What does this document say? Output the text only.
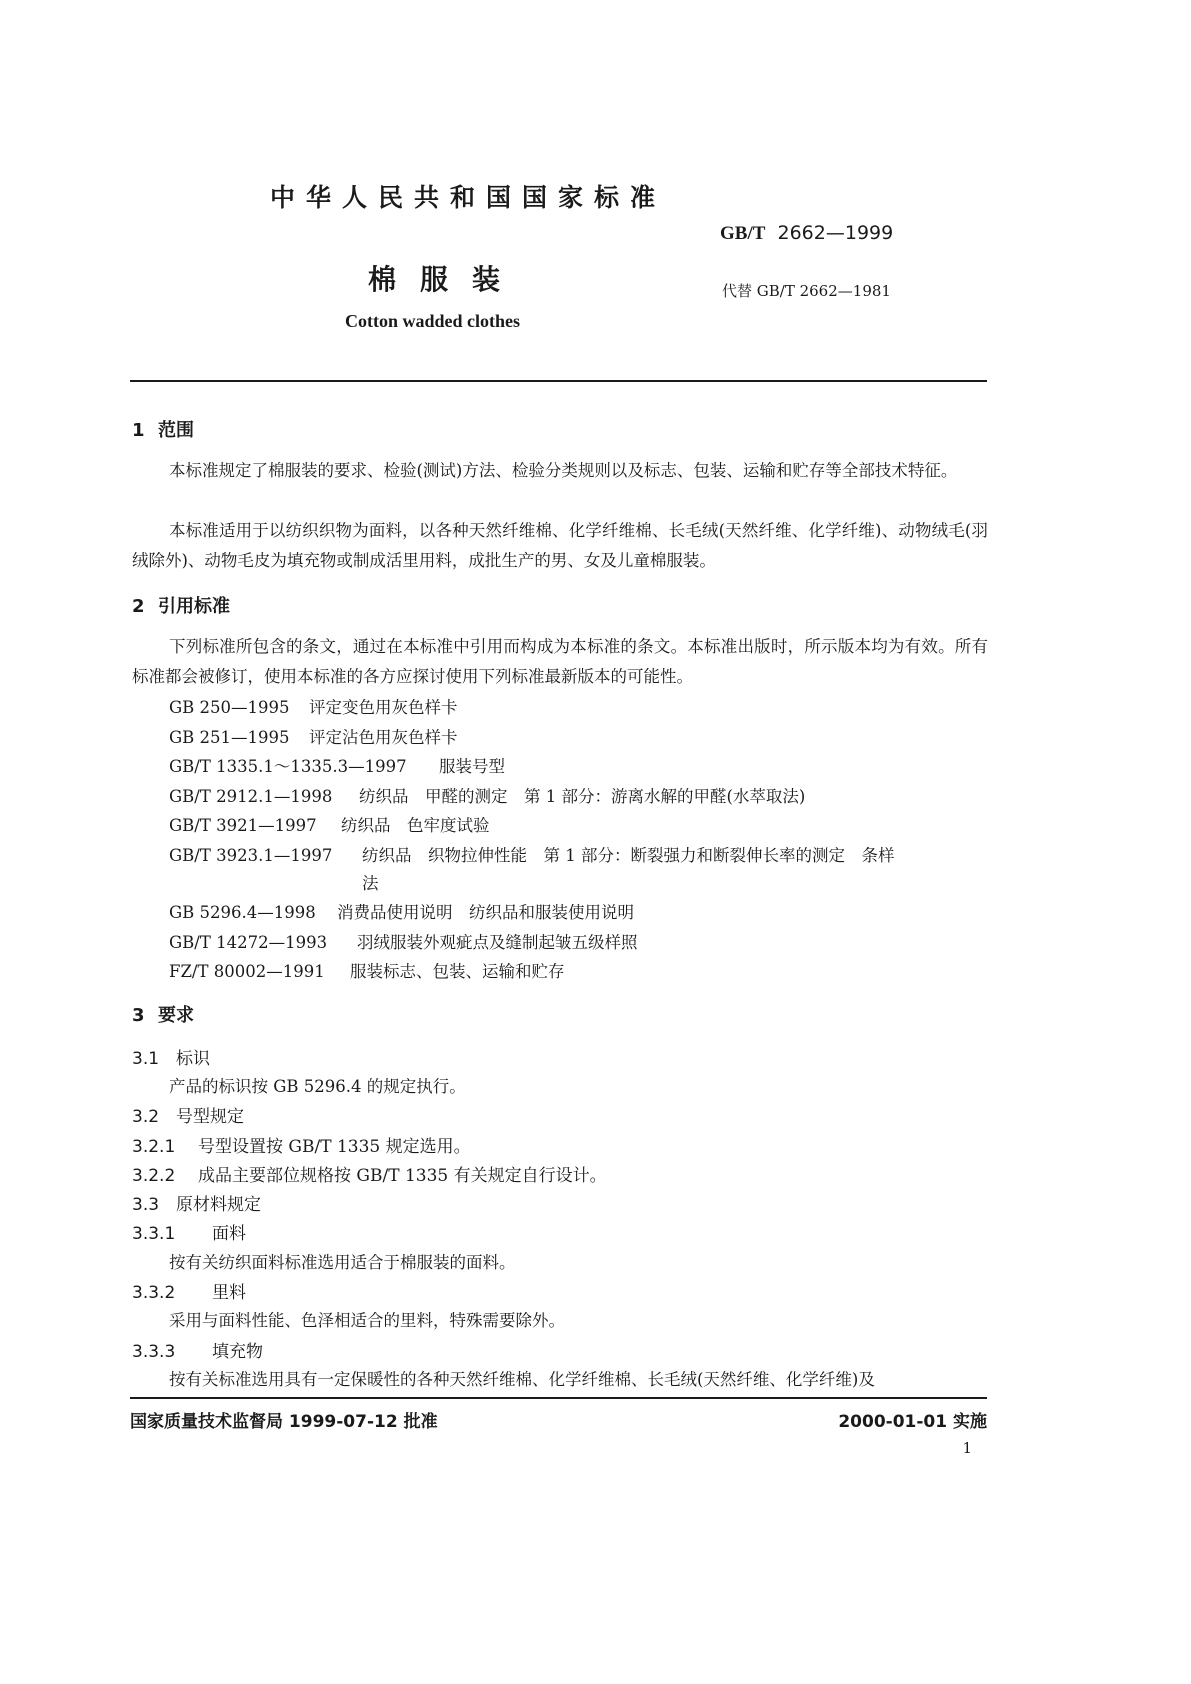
中华人民共和国国家标准
GB/T 2662—1999
棉服装	代替 GB/T 2662—1981
Cotton wadded clothes
1 范围
本标准规定了棉服装的要求、检验(测试)方法、检验分类规则以及标志、包装、运输和贮存等全部技术特征。
本标准适用于以纺织织物为面料，以各种天然纤维棉、化学纤维棉、长毛绒(天然纤维、化学纤维)、动物绒毛(羽绒除外)、动物毛皮为填充物或制成活里用料，成批生产的男、女及儿童棉服装。
2 引用标准
下列标准所包含的条文，通过在本标准中引用而构成为本标准的条文。本标准出版时，所示版本均为有效。所有标准都会被修订，使用本标准的各方应探讨使用下列标准最新版本的可能性。
GB 250—1995 评定变色用灰色样卡
GB 251—1995 评定沾色用灰色样卡
GB/T 1335.1～1335.3—1997 服装号型
GB/T 2912.1—1998 纺织品　甲醛的测定　第 1 部分：游离水解的甲醛(水萃取法)
GB/T 3921—1997 纺织品　色牢度试验
GB/T 3923.1—1997 纺织品　织物拉伸性能　第 1 部分：断裂强力和断裂伸长率的测定　条样
法
GB 5296.4—1998 消费品使用说明　纺织品和服装使用说明
GB/T 14272—1993 羽绒服装外观疵点及缝制起皱五级样照
FZ/T 80002—1991 服装标志、包装、运输和贮存
3 要求
3.1 标识
产品的标识按 GB 5296.4 的规定执行。
3.2 号型规定
3.2.1 号型设置按 GB/T 1335 规定选用。
3.2.2 成品主要部位规格按 GB/T 1335 有关规定自行设计。
3.3 原材料规定
3.3.1 面料
按有关纺织面料标准选用适合于棉服装的面料。
3.3.2 里料
采用与面料性能、色泽相适合的里料，特殊需要除外。
3.3.3 填充物
按有关标准选用具有一定保暖性的各种天然纤维棉、化学纤维棉、长毛绒(天然纤维、化学纤维)及
国家质量技术监督局 1999-07-12 批准	2000-01-01 实施
1
